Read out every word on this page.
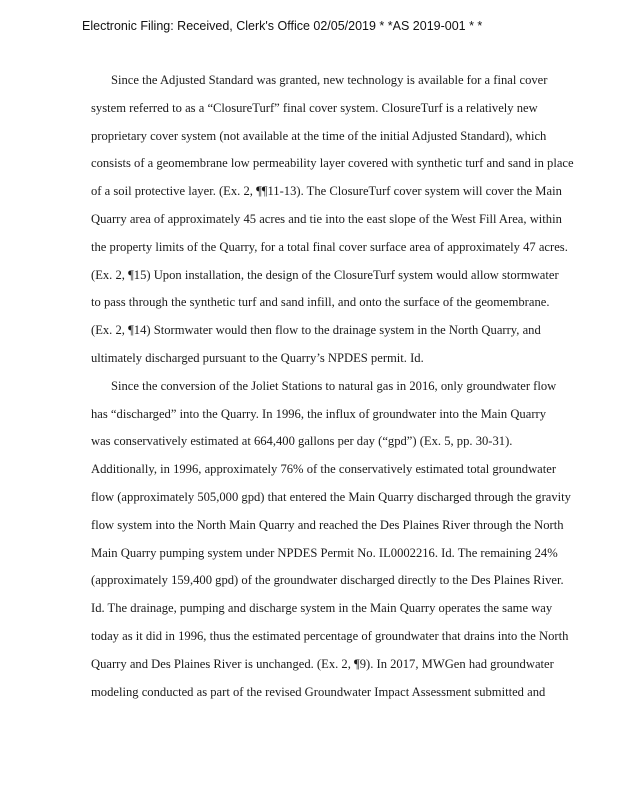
Electronic Filing: Received, Clerk's Office 02/05/2019 * *AS 2019-001 * *
Since the Adjusted Standard was granted, new technology is available for a final cover
system referred to as a “ClosureTurf” final cover system. ClosureTurf is a relatively new
proprietary cover system (not available at the time of the initial Adjusted Standard), which
consists of a geomembrane low permeability layer covered with synthetic turf and sand in place
of a soil protective layer. (Ex. 2, ¶¶11-13). The ClosureTurf cover system will cover the Main
Quarry area of approximately 45 acres and tie into the east slope of the West Fill Area, within
the property limits of the Quarry, for a total final cover surface area of approximately 47 acres.
(Ex. 2, ¶15) Upon installation, the design of the ClosureTurf system would allow stormwater
to pass through the synthetic turf and sand infill, and onto the surface of the geomembrane.
(Ex. 2, ¶14) Stormwater would then flow to the drainage system in the North Quarry, and
ultimately discharged pursuant to the Quarry’s NPDES permit. Id.
Since the conversion of the Joliet Stations to natural gas in 2016, only groundwater flow
has “discharged” into the Quarry. In 1996, the influx of groundwater into the Main Quarry
was conservatively estimated at 664,400 gallons per day (“gpd”) (Ex. 5, pp. 30-31).
Additionally, in 1996, approximately 76% of the conservatively estimated total groundwater
flow (approximately 505,000 gpd) that entered the Main Quarry discharged through the gravity
flow system into the North Main Quarry and reached the Des Plaines River through the North
Main Quarry pumping system under NPDES Permit No. IL0002216. Id. The remaining 24%
(approximately 159,400 gpd) of the groundwater discharged directly to the Des Plaines River.
Id. The drainage, pumping and discharge system in the Main Quarry operates the same way
today as it did in 1996, thus the estimated percentage of groundwater that drains into the North
Quarry and Des Plaines River is unchanged. (Ex. 2, ¶9). In 2017, MWGen had groundwater
modeling conducted as part of the revised Groundwater Impact Assessment submitted and
